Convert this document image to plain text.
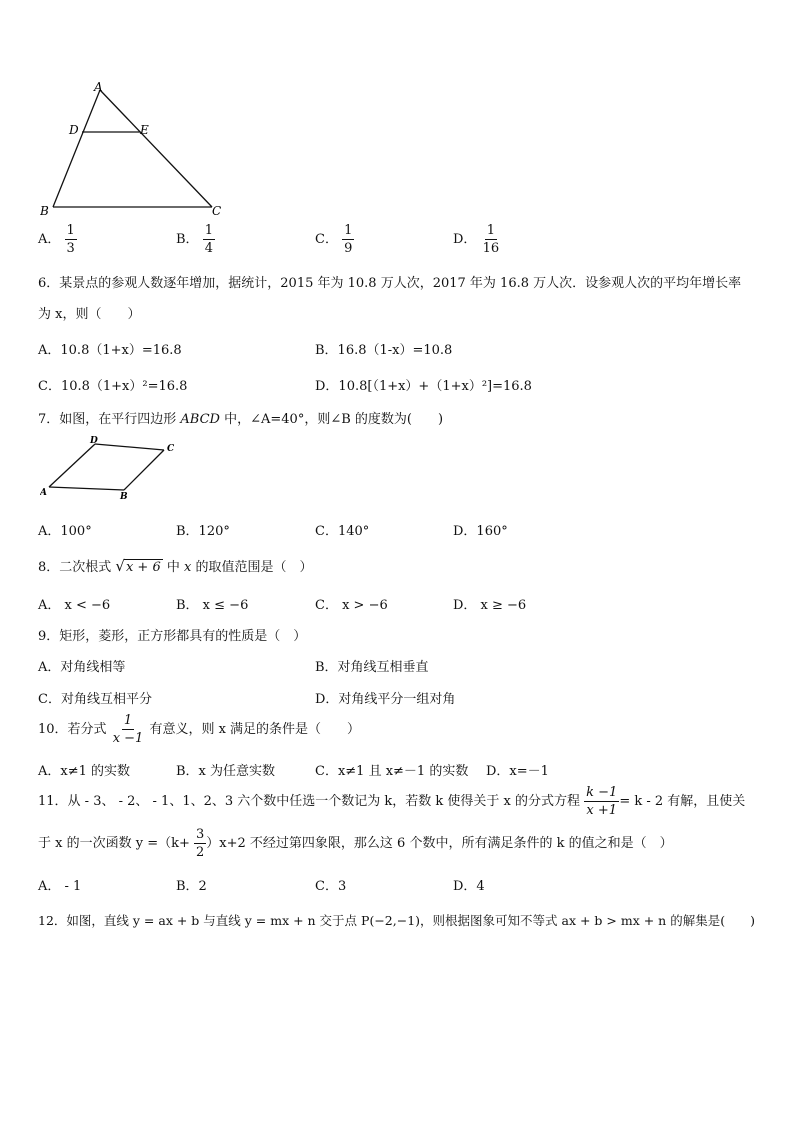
A
D	E
B	C
A． $\frac{1}{3}$	B． $\frac{1}{4}$	C． $\frac{1}{9}$	D． $\frac{1}{16}$
6．某景点的参观人数逐年增加，据统计，2015 年为 10.8 万人次，2017 年为 16.8 万人次．设参观人次的平均年增长率
为 x，则（　　）
A．10.8（1+x）=16.8	B．16.8（1-x）=10.8
C．10.8（1+x）²=16.8	D．10.8[（1+x）+（1+x）²]=16.8
7．如图，在平行四边形 ABCD 中，∠A=40°，则∠B 的度数为(　　)
D
C
A	B
A．100°	B．120°	C．140°	D．160°
8．二次根式 √x + 6 中 x 的取值范围是（　）
A． x < −6	B． x ≤ −6	C． x > −6	D． x ≥ −6
9．矩形，菱形，正方形都具有的性质是（　）
A．对角线相等	B．对角线互相垂直
C．对角线互相平分	D．对角线平分一组对角
10．若分式 $\frac{1}{x -1}$ 有意义，则 x 满足的条件是（　　）
A．x≠1 的实数	B．x 为任意实数	C．x≠1 且 x≠－1 的实数 D．x=－1
11．从 - 3、 - 2、 - 1、1、2、3 六个数中任选一个数记为 k，若数 k 使得关于 x 的分式方程 $\frac{k -1}{x +1} = k - 2$ 有解，且使关
于 x 的一次函数 $y =(k+ \frac{3}{2} )x+2$ 不经过第四象限，那么这 6 个数中，所有满足条件的 k 的值之和是（　）
A． - 1	B．2	C．3	D．4
12．如图，直线 y = ax + b 与直线 y = mx + n 交于点 P(−2,−1)，则根据图象可知不等式 ax + b > mx + n 的解集是(　　)
